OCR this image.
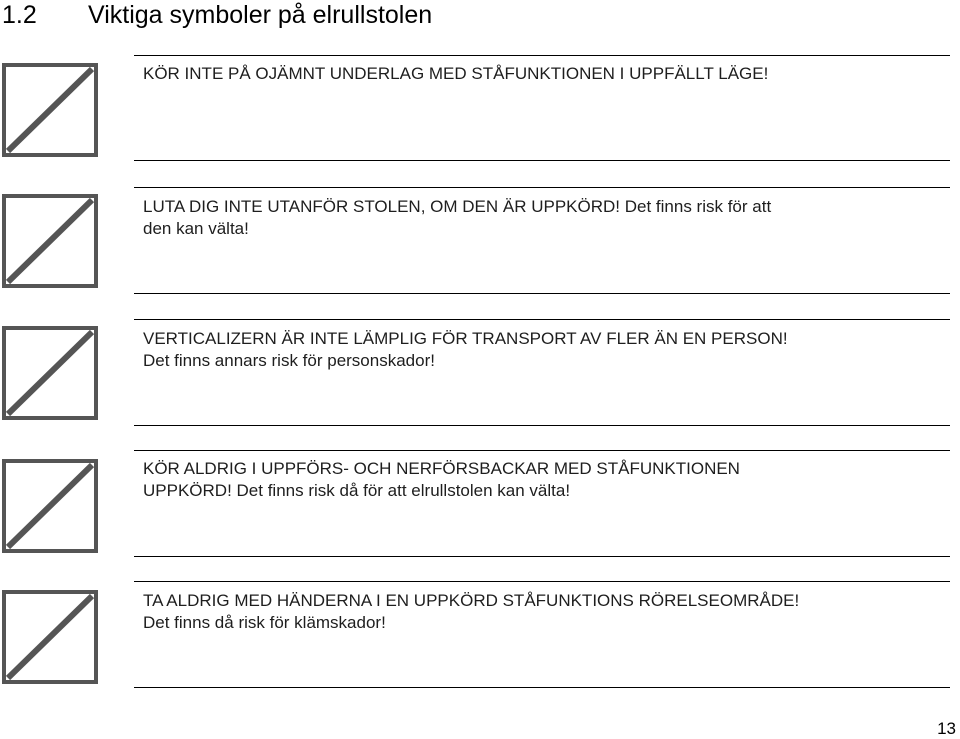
1.2 Viktiga symboler på elrullstolen
KÖR INTE PÅ OJÄMNT UNDERLAG MED STÅFUNKTIONEN I UPPFÄLLT LÄGE!
LUTA DIG INTE UTANFÖR STOLEN, OM DEN ÄR UPPKÖRD! Det finns risk för att
den kan välta!
VERTICALIZERN ÄR INTE LÄMPLIG FÖR TRANSPORT AV FLER ÄN EN PERSON!
Det finns annars risk för personskador!
KÖR ALDRIG I UPPFÖRS- OCH NERFÖRSBACKAR MED STÅFUNKTIONEN
UPPKÖRD! Det finns risk då för att elrullstolen kan välta!
TA ALDRIG MED HÄNDERNA I EN UPPKÖRD STÅFUNKTIONS RÖRELSEOMRÅDE!
Det finns då risk för klämskador!
13
